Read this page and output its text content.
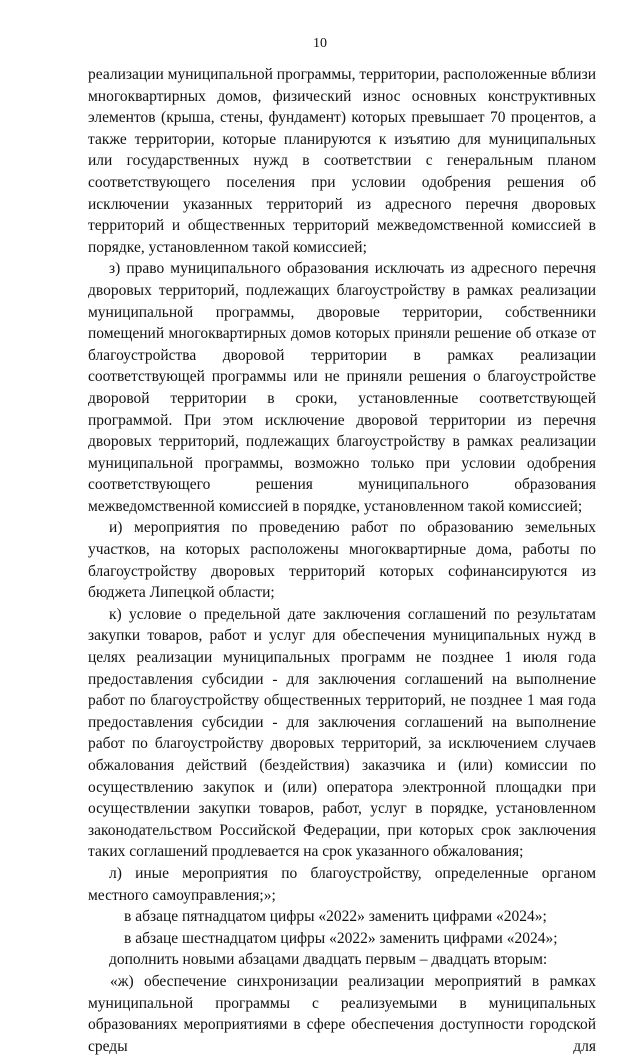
10

реализации муниципальной программы, территории, расположенные вблизи многоквартирных домов, физический износ основных конструктивных элементов (крыша, стены, фундамент) которых превышает 70 процентов, а также территории, которые планируются к изъятию для муниципальных или государственных нужд в соответствии с генеральным планом соответствующего поселения при условии одобрения решения об исключении указанных территорий из адресного перечня дворовых территорий и общественных территорий межведомственной комиссией в порядке, установленном такой комиссией;

з) право муниципального образования исключать из адресного перечня дворовых территорий, подлежащих благоустройству в рамках реализации муниципальной программы, дворовые территории, собственники помещений многоквартирных домов которых приняли решение об отказе от благоустройства дворовой территории в рамках реализации соответствующей программы или не приняли решения о благоустройстве дворовой территории в сроки, установленные соответствующей программой. При этом исключение дворовой территории из перечня дворовых территорий, подлежащих благоустройству в рамках реализации муниципальной программы, возможно только при условии одобрения соответствующего решения муниципального образования межведомственной комиссией в порядке, установленном такой комиссией;

и) мероприятия по проведению работ по образованию земельных участков, на которых расположены многоквартирные дома, работы по благоустройству дворовых территорий которых софинансируются из бюджета Липецкой области;

к) условие о предельной дате заключения соглашений по результатам закупки товаров, работ и услуг для обеспечения муниципальных нужд в целях реализации муниципальных программ не позднее 1 июля года предоставления субсидии - для заключения соглашений на выполнение работ по благоустройству общественных территорий, не позднее 1 мая года предоставления субсидии - для заключения соглашений на выполнение работ по благоустройству дворовых территорий, за исключением случаев обжалования действий (бездействия) заказчика и (или) комиссии по осуществлению закупок и (или) оператора электронной площадки при осуществлении закупки товаров, работ, услуг в порядке, установленном законодательством Российской Федерации, при которых срок заключения таких соглашений продлевается на срок указанного обжалования;

л) иные мероприятия по благоустройству, определенные органом местного самоуправления;»;

в абзаце пятнадцатом цифры «2022» заменить цифрами «2024»;

в абзаце шестнадцатом цифры «2022» заменить цифрами «2024»;

дополнить новыми абзацами двадцать первым – двадцать вторым:

«ж) обеспечение синхронизации реализации мероприятий в рамках муниципальной программы с реализуемыми в муниципальных образованиях мероприятиями в сфере обеспечения доступности городской среды для
